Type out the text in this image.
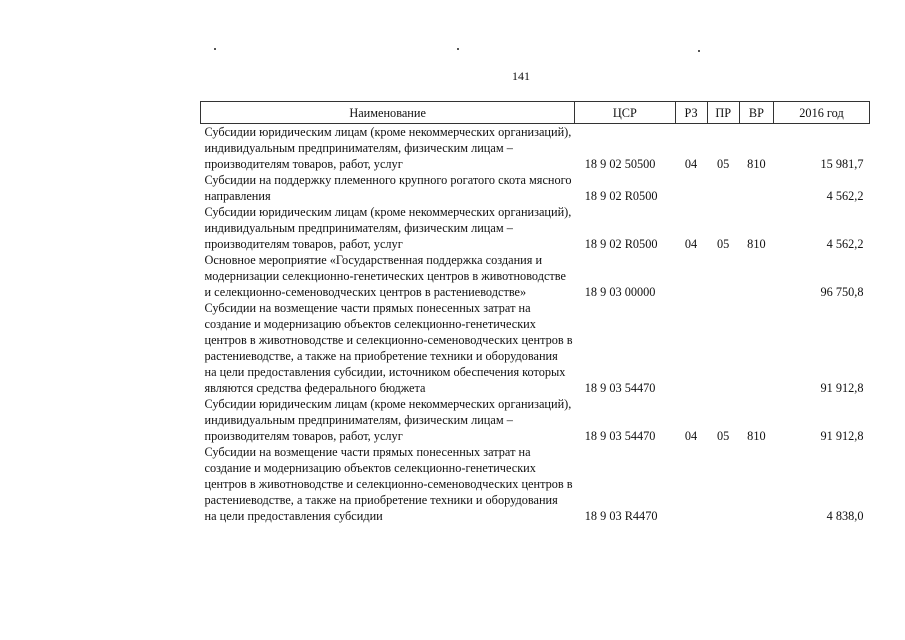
141
Наименование	ЦСР	РЗ	ПР	ВР	2016 год
Субсидии юридическим лицам (кроме некоммерческих организаций), индивидуальным предпринимателям, физическим лицам – производителям товаров, работ, услуг	18 9 02 50500	04	05	810	15 981,7
Субсидии на поддержку племенного крупного рогатого скота мясного направления	18 9 02 R0500				4 562,2
Субсидии юридическим лицам (кроме некоммерческих организаций), индивидуальным предпринимателям, физическим лицам – производителям товаров, работ, услуг	18 9 02 R0500	04	05	810	4 562,2
Основное мероприятие «Государственная поддержка создания и модернизации селекционно-генетических центров в животноводстве и селекционно-семеноводческих центров в растениеводстве»	18 9 03 00000				96 750,8
Субсидии на возмещение части прямых понесенных затрат на создание и модернизацию объектов селекционно-генетических центров в животноводстве и селекционно-семеноводческих центров в растениеводстве, а также на приобретение техники и оборудования на цели предоставления субсидии, источником обеспечения которых являются средства федерального бюджета	18 9 03 54470				91 912,8
Субсидии юридическим лицам (кроме некоммерческих организаций), индивидуальным предпринимателям, физическим лицам – производителям товаров, работ, услуг	18 9 03 54470	04	05	810	91 912,8
Субсидии на возмещение части прямых понесенных затрат на создание и модернизацию объектов селекционно-генетических центров в животноводстве и селекционно-семеноводческих центров в растениеводстве, а также на приобретение техники и оборудования на цели предоставления субсидии	18 9 03 R4470				4 838,0
